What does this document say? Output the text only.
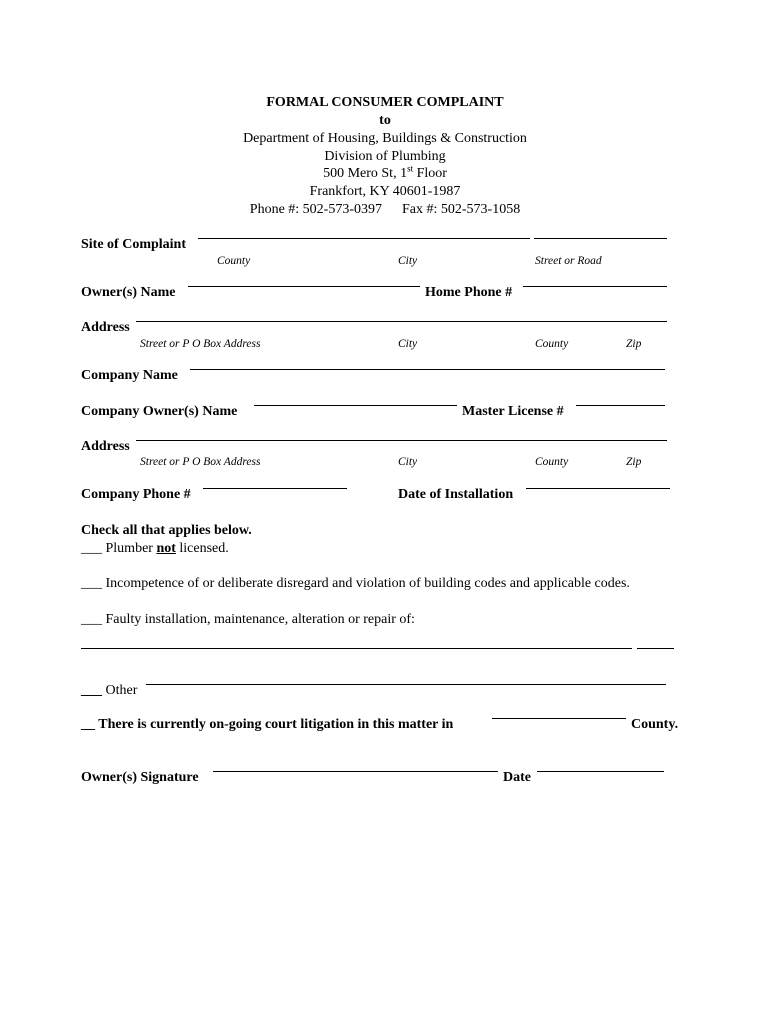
FORMAL CONSUMER COMPLAINT
to
Department of Housing, Buildings & Construction
Division of Plumbing
500 Mero St, 1st Floor
Frankfort, KY 40601-1987
Phone #: 502-573-0397 Fax #: 502-573-1058
Site of Complaint
County	City	Street or Road
Owner(s) Name	Home Phone #
Address
Street or P O Box Address	City	County	Zip
Company Name
Company Owner(s) Name	Master License #
Address
Street or P O Box Address	City	County	Zip
Company Phone #	Date of Installation
Check all that applies below.
___ Plumber not licensed.
___ Incompetence of or deliberate disregard and violation of building codes and applicable codes.
___ Faulty installation, maintenance, alteration or repair of:
___ Other
__ There is currently on-going court litigation in this matter in	County.
Owner(s) Signature	Date
